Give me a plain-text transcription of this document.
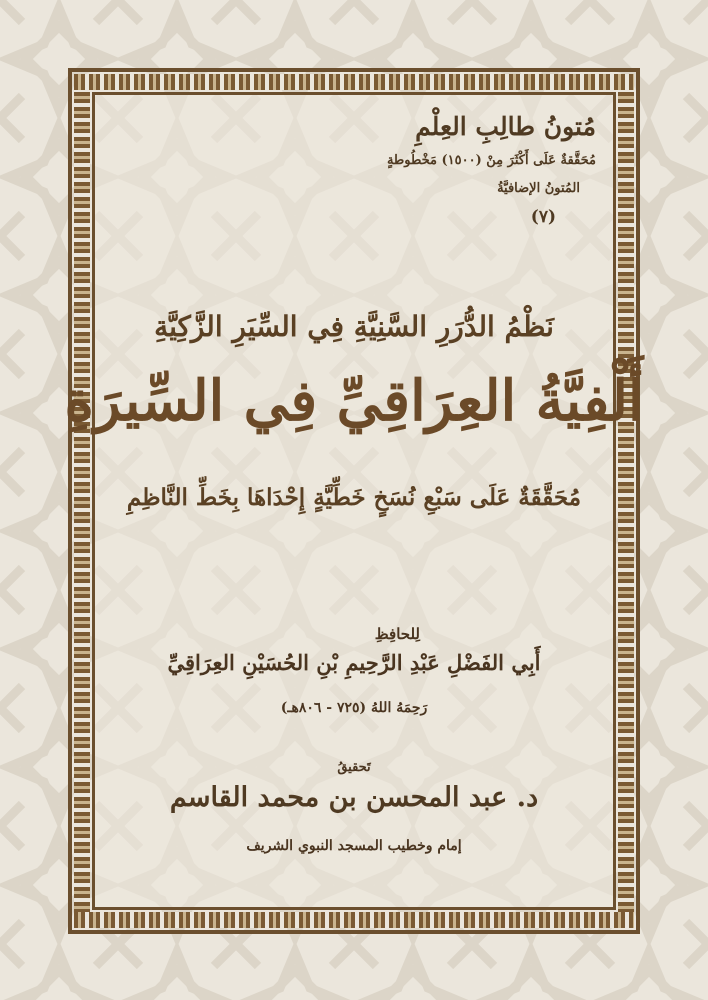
مُتونُ طالِبِ العِلْمِ
مُحَقَّقةٌ عَلَى أَكْثَرَ مِنْ (١٥٠٠) مَخْطُوطةٍ
المُتونُ الإضافيَّةُ
(٧)
نَظْمُ الدُّرَرِ السَّنِيَّةِ فِي السِّيَرِ الزَّكِيَّةِ
أَلْفِيَّةُ العِرَاقِيِّ فِي السِّيرَةِ
مُحَقَّقَةٌ عَلَى سَبْعِ نُسَخٍ خَطِّيَّةٍ إِحْدَاهَا بِخَطِّ النَّاظِمِ
لِلحافِظِ
أَبِي الفَضْلِ عَبْدِ الرَّحِيمِ بْنِ الحُسَيْنِ العِرَاقِيِّ
رَحِمَهُ اللهُ (٧٢٥ - ٨٠٦هـ)
تَحقيقُ
د. عبد المحسن بن محمد القاسم
إمام وخطيب المسجد النبوي الشريف
